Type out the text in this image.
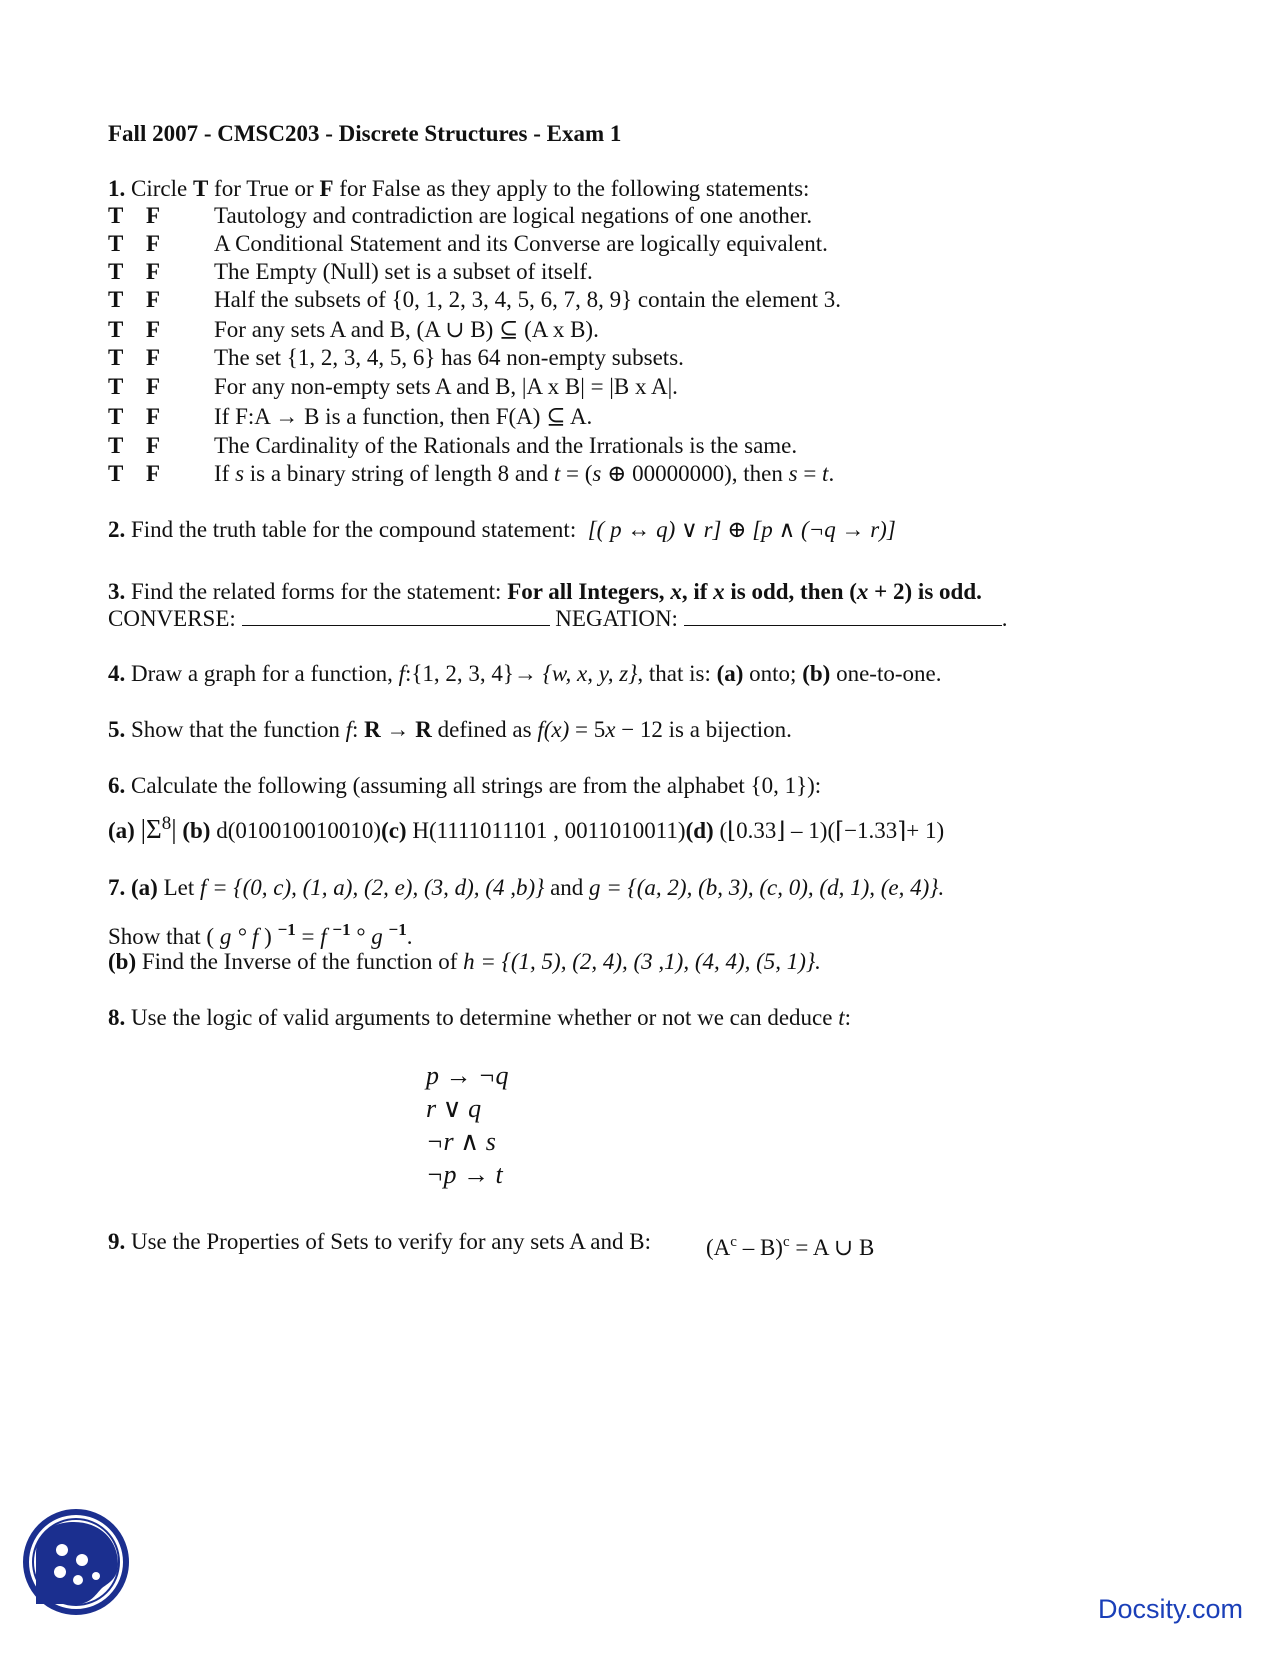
Fall 2007 - CMSC203 - Discrete Structures - Exam 1
1. Circle T for True or F for False as they apply to the following statements:
T F Tautology and contradiction are logical negations of one another.
T F A Conditional Statement and its Converse are logically equivalent.
T F The Empty (Null) set is a subset of itself.
T F Half the subsets of {0, 1, 2, 3, 4, 5, 6, 7, 8, 9} contain the element 3.
T F For any sets A and B, (A ∪ B) ⊆ (A x B).
T F The set {1, 2, 3, 4, 5, 6} has 64 non-empty subsets.
T F For any non-empty sets A and B, |A x B| = |B x A|.
T F If F:A → B is a function, then F(A) ⊆ A.
T F The Cardinality of the Rationals and the Irrationals is the same.
T F If s is a binary string of length 8 and t = (s ⊕ 00000000), then s = t.
2. Find the truth table for the compound statement: [( p ↔ q) ∨ r] ⊕ [p ∧ (¬q → r)]
3. Find the related forms for the statement: For all Integers, x, if x is odd, then (x + 2) is odd.
CONVERSE:	NEGATION:	.
4. Draw a graph for a function, f:{1, 2, 3, 4}→ {w, x, y, z}, that is: (a) onto; (b) one-to-one.
5. Show that the function f: R → R defined as f(x) = 5x − 12 is a bijection.
6. Calculate the following (assuming all strings are from the alphabet {0, 1}):
(a) $|\Sigma^8|$ (b) d(010010010010)(c) H(1111011101 , 0011010011)(d) (⌊0.33⌋ – 1)(⌈−1.33⌉+ 1)
7. (a) Let f = {(0, c), (1, a), (2, e), (3, d), (4 ,b)} and g = {(a, 2), (b, 3), (c, 0), (d, 1), (e, 4)}.
Show that ( g ° f ) $^{-1}$ = f $^{-1}$ ° g $^{-1}$.
(b) Find the Inverse of the function of h = {(1, 5), (2, 4), (3 ,1), (4, 4), (5, 1)}.
8. Use the logic of valid arguments to determine whether or not we can deduce t:
p → ¬q
r ∨ q
¬r ∧ s
¬p → t
9. Use the Properties of Sets to verify for any sets A and B: $(A^c - B)^c = A$ ∪ B
Docsity.com
